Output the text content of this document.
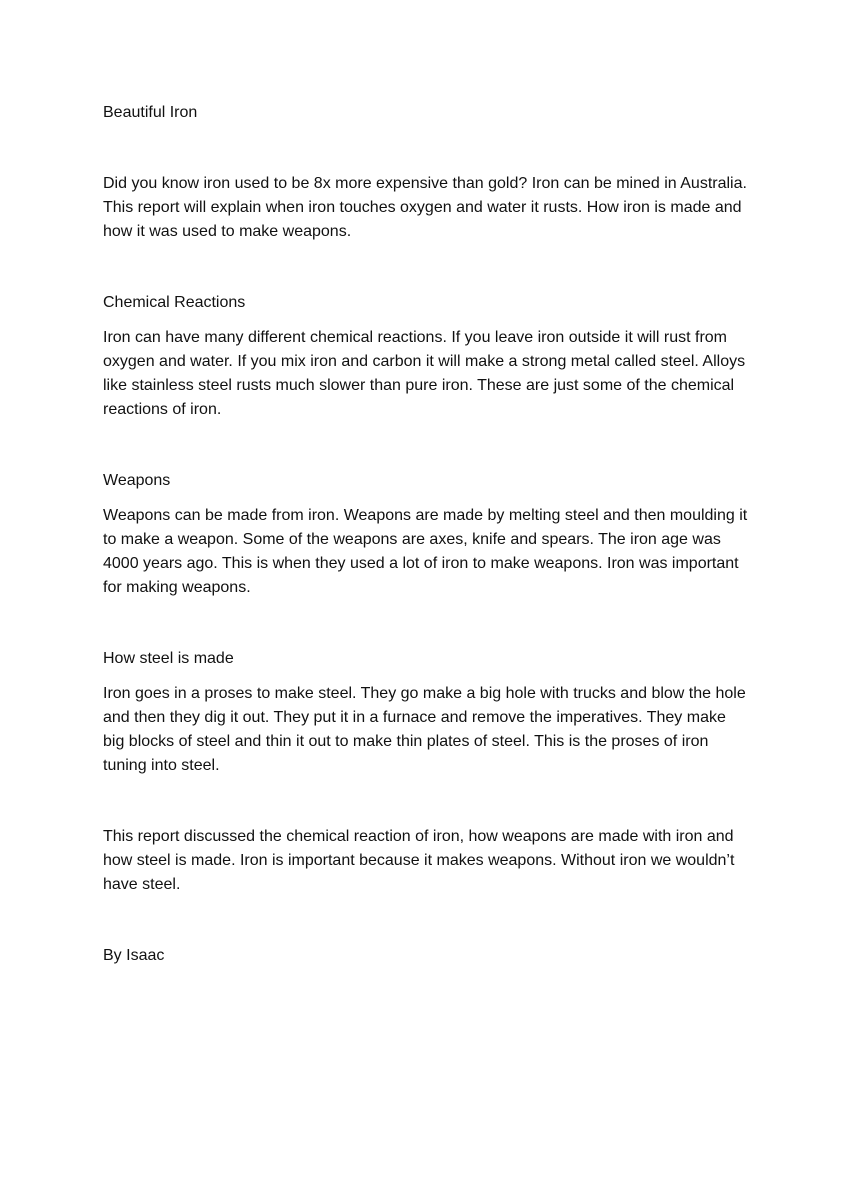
Beautiful Iron

Did you know iron used to be 8x more expensive than gold? Iron can be mined in Australia. This report will explain when iron touches oxygen and water it rusts. How iron is made and how it was used to make weapons.

Chemical Reactions

Iron can have many different chemical reactions. If you leave iron outside it will rust from oxygen and water. If you mix iron and carbon it will make a strong metal called steel. Alloys like stainless steel rusts much slower than pure iron. These are just some of the chemical reactions of iron.

Weapons

Weapons can be made from iron. Weapons are made by melting steel and then moulding it to make a weapon. Some of the weapons are axes, knife and spears. The iron age was 4000 years ago. This is when they used a lot of iron to make weapons. Iron was important for making weapons.

How steel is made

Iron goes in a proses to make steel. They go make a big hole with trucks and blow the hole and then they dig it out. They put it in a furnace and remove the imperatives. They make big blocks of steel and thin it out to make thin plates of steel. This is the proses of iron tuning into steel.

This report discussed the chemical reaction of iron, how weapons are made with iron and how steel is made. Iron is important because it makes weapons. Without iron we wouldn’t have steel.

By Isaac
